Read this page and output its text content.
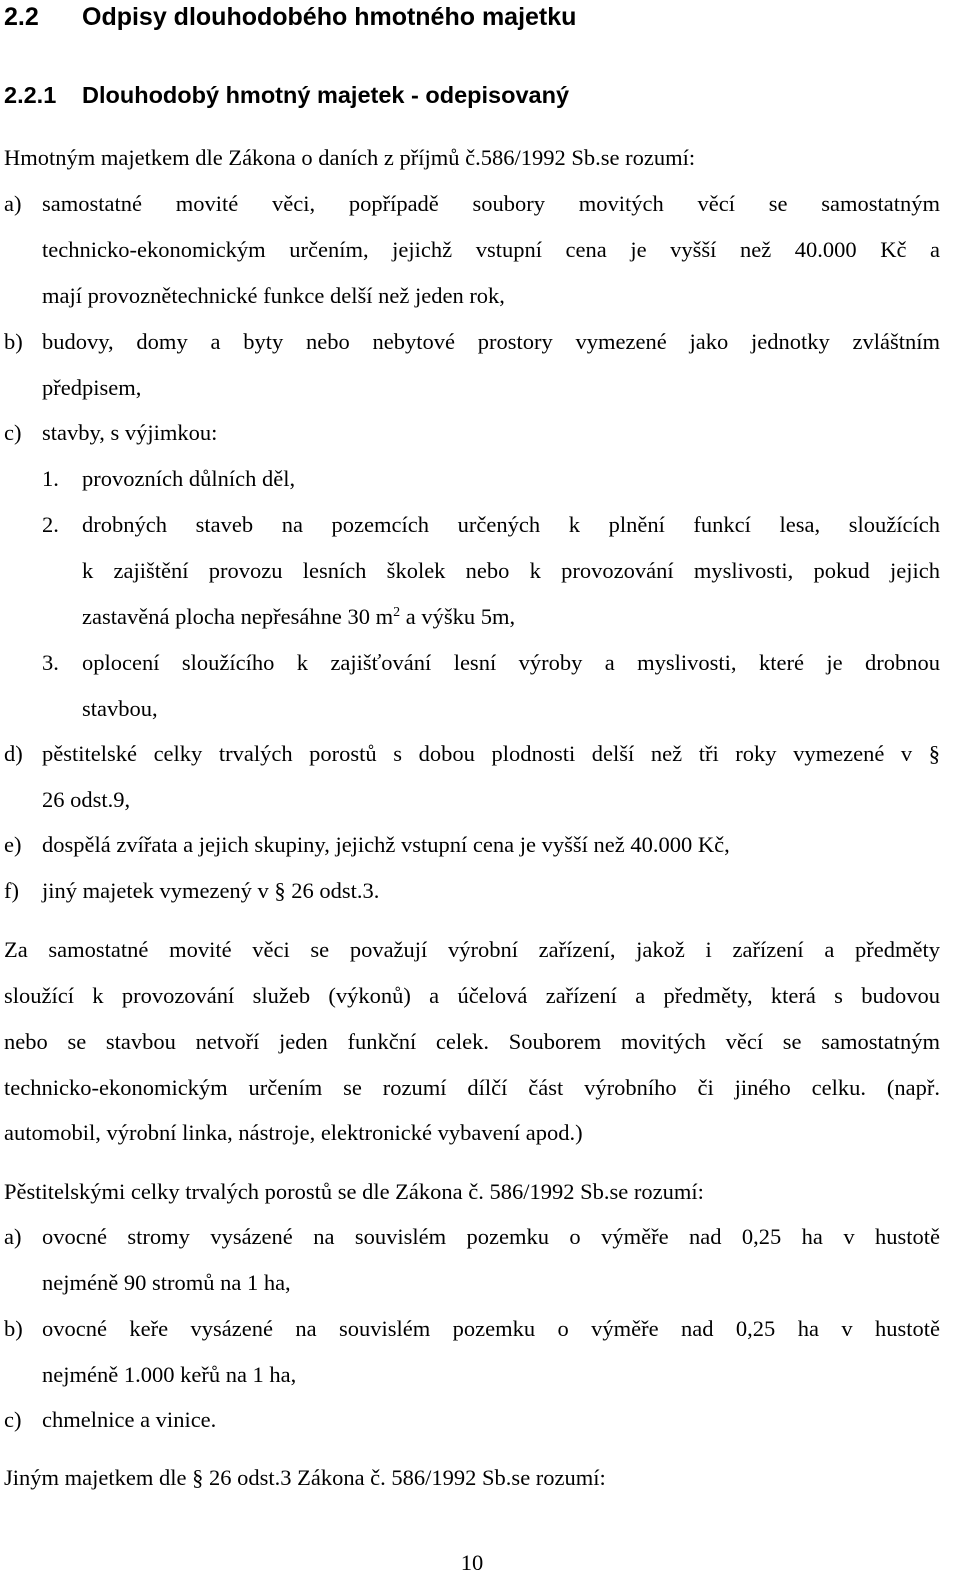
2.2 Odpisy dlouhodobého hmotného majetku
2.2.1 Dlouhodobý hmotný majetek - odepisovaný
Hmotným majetkem dle Zákona o daních z příjmů č.586/1992 Sb.se rozumí:
a) samostatné movité věci, popřípadě soubory movitých věcí se samostatným
technicko-ekonomickým určením, jejichž vstupní cena je vyšší než 40.000 Kč a
mají provoznětechnické funkce delší než jeden rok,
b) budovy, domy a byty nebo nebytové prostory vymezené jako jednotky zvláštním
předpisem,
c) stavby, s výjimkou:
1. provozních důlních děl,
2. drobných staveb na pozemcích určených k plnění funkcí lesa, sloužících
k zajištění provozu lesních školek nebo k provozování myslivosti, pokud jejich
zastavěná plocha nepřesáhne 30 $m^2$ a výšku 5m,
3. oplocení sloužícího k zajišťování lesní výroby a myslivosti, které je drobnou
stavbou,
d) pěstitelské celky trvalých porostů s dobou plodnosti delší než tři roky vymezené v §
26 odst.9,
e) dospělá zvířata a jejich skupiny, jejichž vstupní cena je vyšší než 40.000 Kč,
f) jiný majetek vymezený v § 26 odst.3.
Za samostatné movité věci se považují výrobní zařízení, jakož i zařízení a předměty
sloužící k provozování služeb (výkonů) a účelová zařízení a předměty, která s budovou
nebo se stavbou netvoří jeden funkční celek. Souborem movitých věcí se samostatným
technicko-ekonomickým určením se rozumí dílčí část výrobního či jiného celku. (např.
automobil, výrobní linka, nástroje, elektronické vybavení apod.)
Pěstitelskými celky trvalých porostů se dle Zákona č. 586/1992 Sb.se rozumí:
a) ovocné stromy vysázené na souvislém pozemku o výměře nad 0,25 ha v hustotě
nejméně 90 stromů na 1 ha,
b) ovocné keře vysázené na souvislém pozemku o výměře nad 0,25 ha v hustotě
nejméně 1.000 keřů na 1 ha,
c) chmelnice a vinice.
Jiným majetkem dle § 26 odst.3 Zákona č. 586/1992 Sb.se rozumí:
10
